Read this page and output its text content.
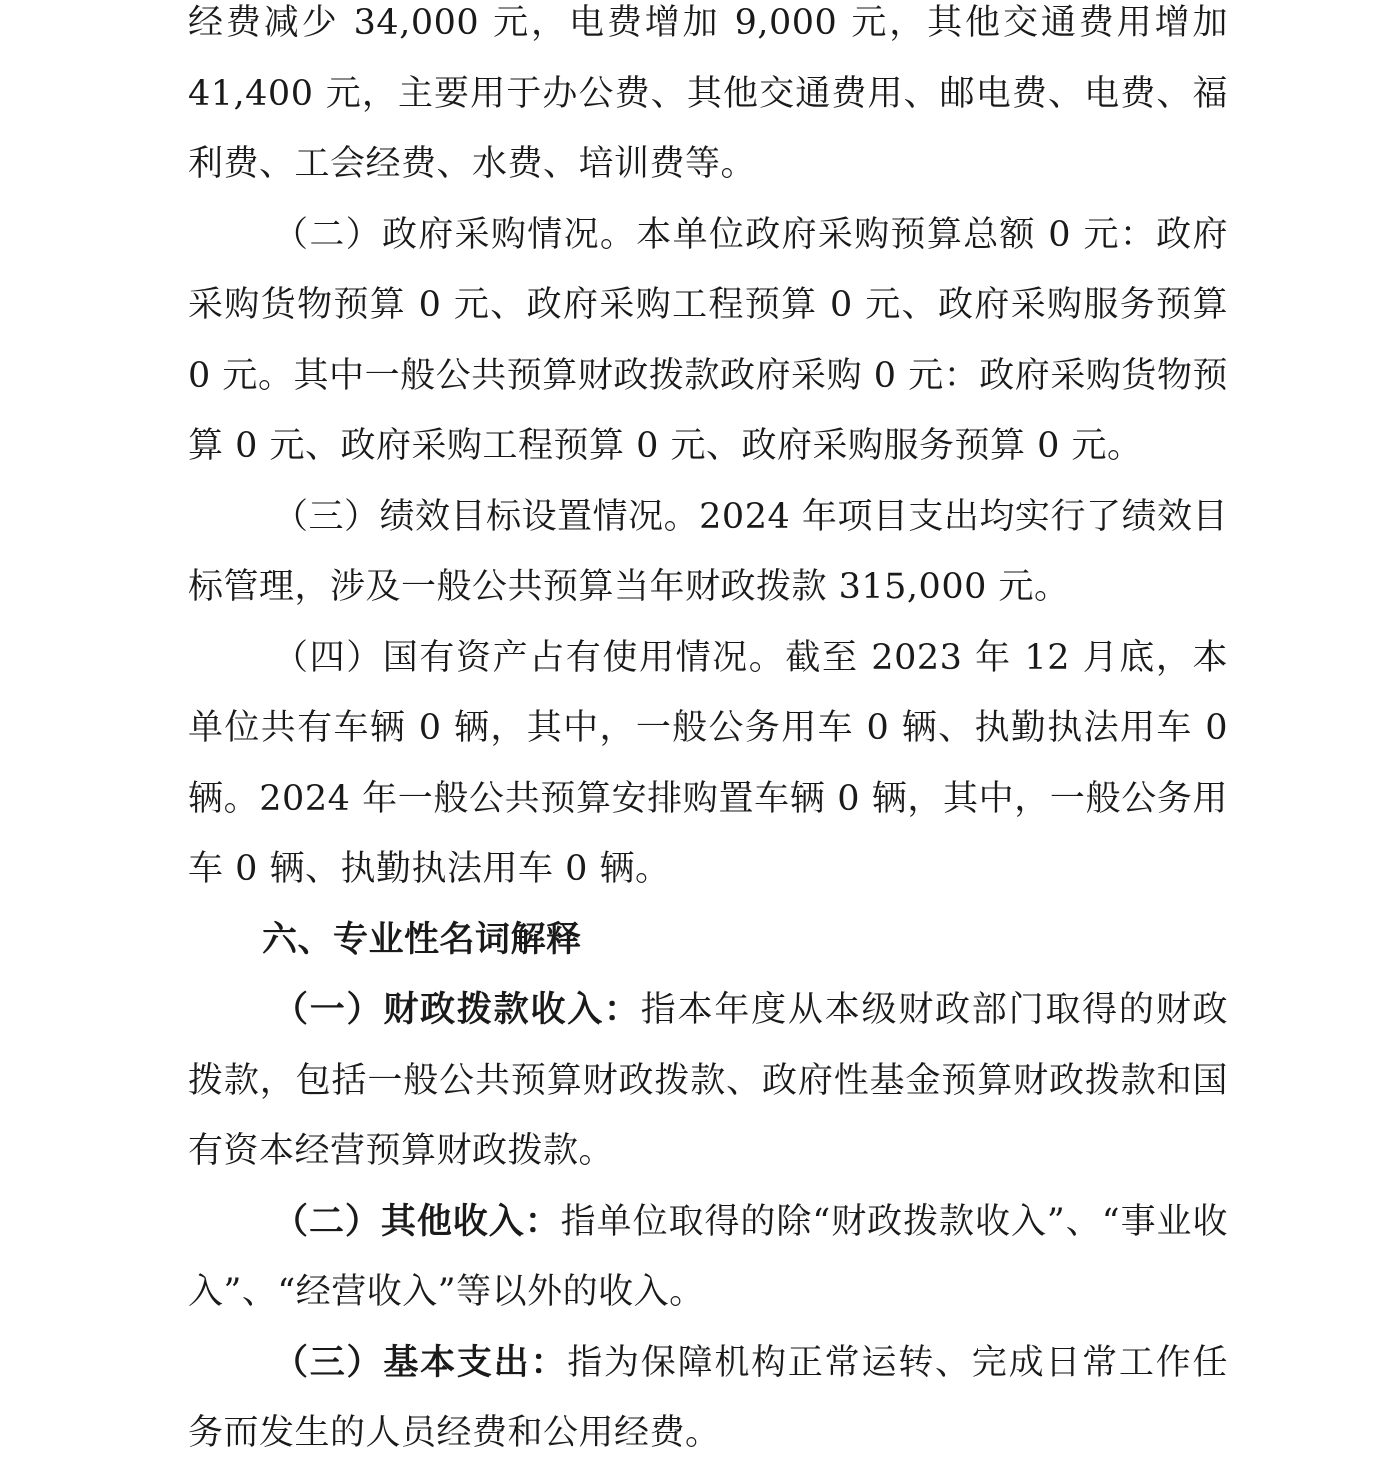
经费减少 34,000 元，电费增加 9,000 元，其他交通费用增加 41,400 元，主要用于办公费、其他交通费用、邮电费、电费、福利费、工会经费、水费、培训费等。

（二）政府采购情况。本单位政府采购预算总额 0 元：政府采购货物预算 0 元、政府采购工程预算 0 元、政府采购服务预算 0 元。其中一般公共预算财政拨款政府采购 0 元：政府采购货物预算 0 元、政府采购工程预算 0 元、政府采购服务预算 0 元。

（三）绩效目标设置情况。2024 年项目支出均实行了绩效目标管理，涉及一般公共预算当年财政拨款 315,000 元。

（四）国有资产占有使用情况。截至 2023 年 12 月底，本单位共有车辆 0 辆，其中，一般公务用车 0 辆、执勤执法用车 0 辆。2024 年一般公共预算安排购置车辆 0 辆，其中，一般公务用车 0 辆、执勤执法用车 0 辆。

六、专业性名词解释

（一）财政拨款收入：指本年度从本级财政部门取得的财政拨款，包括一般公共预算财政拨款、政府性基金预算财政拨款和国有资本经营预算财政拨款。

（二）其他收入：指单位取得的除“财政拨款收入”、“事业收入”、“经营收入”等以外的收入。

（三）基本支出：指为保障机构正常运转、完成日常工作任务而发生的人员经费和公用经费。
